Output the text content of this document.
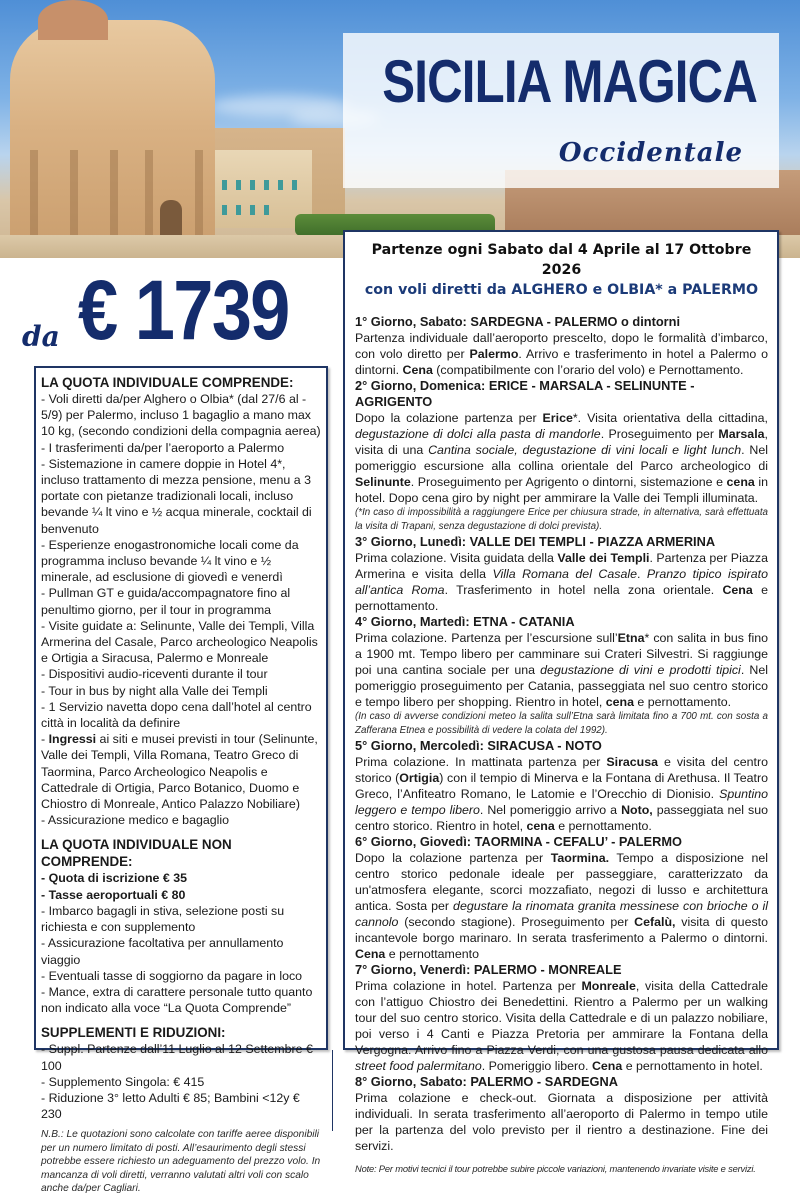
SICILIA MAGICA
Occidentale
da € 1739
LA QUOTA INDIVIDUALE COMPRENDE:
- Voli diretti da/per Alghero o Olbia* (dal 27/6 al - 5/9) per Palermo, incluso 1 bagaglio a mano max 10 kg, (secondo condizioni della compagnia aerea)
- I trasferimenti da/per l’aeroporto a Palermo
- Sistemazione in camere doppie in Hotel 4*, incluso trattamento di mezza pensione, menu a 3 portate con pietanze tradizionali locali, incluso bevande ¼ lt vino e ½ acqua minerale, cocktail di benvenuto
- Esperienze enogastronomiche locali come da programma incluso bevande ¼ lt vino e ½ minerale, ad esclusione di giovedì e venerdì
- Pullman GT e guida/accompagnatore fino al penultimo giorno, per il tour in programma
- Visite guidate a: Selinunte, Valle dei Templi, Villa Armerina del Casale, Parco archeologico Neapolis e Ortigia a Siracusa, Palermo e Monreale
- Dispositivi audio-riceventi durante il tour
- Tour in bus by night alla Valle dei Templi
- 1 Servizio navetta dopo cena dall’hotel al centro città in località da definire
- Ingressi ai siti e musei previsti in tour (Selinunte, Valle dei Templi, Villa Romana, Teatro Greco di Taormina, Parco Archeologico Neapolis e Cattedrale di Ortigia, Parco Botanico, Duomo e Chiostro di Monreale, Antico Palazzo Nobiliare)
- Assicurazione medico e bagaglio
LA QUOTA INDIVIDUALE NON COMPRENDE:
- Quota di iscrizione € 35
- Tasse aeroportuali € 80
- Imbarco bagagli in stiva, selezione posti su richiesta e con supplemento
- Assicurazione facoltativa per annullamento viaggio
- Eventuali tasse di soggiorno da pagare in loco
- Mance, extra di carattere personale tutto quanto non indicato alla voce “La Quota Comprende”
SUPPLEMENTI E RIDUZIONI:
- Suppl. Partenze dall’11 Luglio al 12 Settembre € 100
- Supplemento Singola: € 415
- Riduzione 3° letto Adulti € 85; Bambini <12y € 230
N.B.: Le quotazioni sono calcolate con tariffe aeree disponibili per un numero limitato di posti. All’esaurimento degli stessi potrebbe essere richiesto un adeguamento del prezzo volo. In mancanza di voli diretti, verranno valutati altri voli con scalo anche da/per Cagliari.
Partenze ogni Sabato dal 4 Aprile al 17 Ottobre 2026
con voli diretti da ALGHERO e OLBIA* a PALERMO
1° Giorno, Sabato: SARDEGNA - PALERMO o dintorni
Partenza individuale dall’aeroporto prescelto, dopo le formalità d’imbarco, con volo diretto per Palermo. Arrivo e trasferimento in hotel a Palermo o dintorni. Cena (compatibilmente con l’orario del volo) e Pernottamento.
2° Giorno, Domenica: ERICE - MARSALA - SELINUNTE - AGRIGENTO
Dopo la colazione partenza per Erice*. Visita orientativa della cittadina, degustazione di dolci alla pasta di mandorle. Proseguimento per Marsala, visita di una Cantina sociale, degustazione di vini locali e light lunch. Nel pomeriggio escursione alla collina orientale del Parco archeologico di Selinunte. Proseguimento per Agrigento o dintorni, sistemazione e cena in hotel. Dopo cena giro by night per ammirare la Valle dei Templi illuminata.
(*In caso di impossibilità a raggiungere Erice per chiusura strade, in alternativa, sarà effettuata la visita di Trapani, senza degustazione di dolci prevista).
3° Giorno, Lunedì: VALLE DEI TEMPLI - PIAZZA ARMERINA
Prima colazione. Visita guidata della Valle dei Templi. Partenza per Piazza Armerina e visita della Villa Romana del Casale. Pranzo tipico ispirato all’antica Roma. Trasferimento in hotel nella zona orientale. Cena e pernottamento.
4° Giorno, Martedì: ETNA - CATANIA
Prima colazione. Partenza per l’escursione sull’Etna* con salita in bus fino a 1900 mt. Tempo libero per camminare sui Crateri Silvestri. Si raggiunge poi una cantina sociale per una degustazione di vini e prodotti tipici. Nel pomeriggio proseguimento per Catania, passeggiata nel suo centro storico e tempo libero per shopping. Rientro in hotel, cena e pernottamento.
(In caso di avverse condizioni meteo la salita sull’Etna sarà limitata fino a 700 mt. con sosta a Zafferana Etnea e possibilità di vedere la colata del 1992).
5° Giorno, Mercoledì: SIRACUSA - NOTO
Prima colazione. In mattinata partenza per Siracusa e visita del centro storico (Ortigia) con il tempio di Minerva e la Fontana di Arethusa. Il Teatro Greco, l’Anfiteatro Romano, le Latomie e l’Orecchio di Dionisio. Spuntino leggero e tempo libero. Nel pomeriggio arrivo a Noto, passeggiata nel suo centro storico. Rientro in hotel, cena e pernottamento.
6° Giorno, Giovedì: TAORMINA - CEFALU’ - PALERMO
Dopo la colazione partenza per Taormina. Tempo a disposizione nel centro storico pedonale ideale per passeggiare, caratterizzato da un'atmosfera elegante, scorci mozzafiato, negozi di lusso e architettura antica. Sosta per degustare la rinomata granita messinese con brioche o il cannolo (secondo stagione). Proseguimento per Cefalù, visita di questo incantevole borgo marinaro. In serata trasferimento a Palermo o dintorni. Cena e pernottamento
7° Giorno, Venerdì: PALERMO - MONREALE
Prima colazione in hotel. Partenza per Monreale, visita della Cattedrale con l’attiguo Chiostro dei Benedettini. Rientro a Palermo per un walking tour del suo centro storico. Visita della Cattedrale e di un palazzo nobiliare, poi verso i 4 Canti e Piazza Pretoria per ammirare la Fontana della Vergogna. Arrivo fino a Piazza Verdi, con una gustosa pausa dedicata allo street food palermitano. Pomeriggio libero. Cena e pernottamento in hotel.
8° Giorno, Sabato: PALERMO - SARDEGNA
Prima colazione e check-out. Giornata a disposizione per attività individuali. In serata trasferimento all’aeroporto di Palermo in tempo utile per la partenza del volo previsto per il rientro a destinazione. Fine dei servizi.
Note: Per motivi tecnici il tour potrebbe subire piccole variazioni, mantenendo invariate visite e servizi.
